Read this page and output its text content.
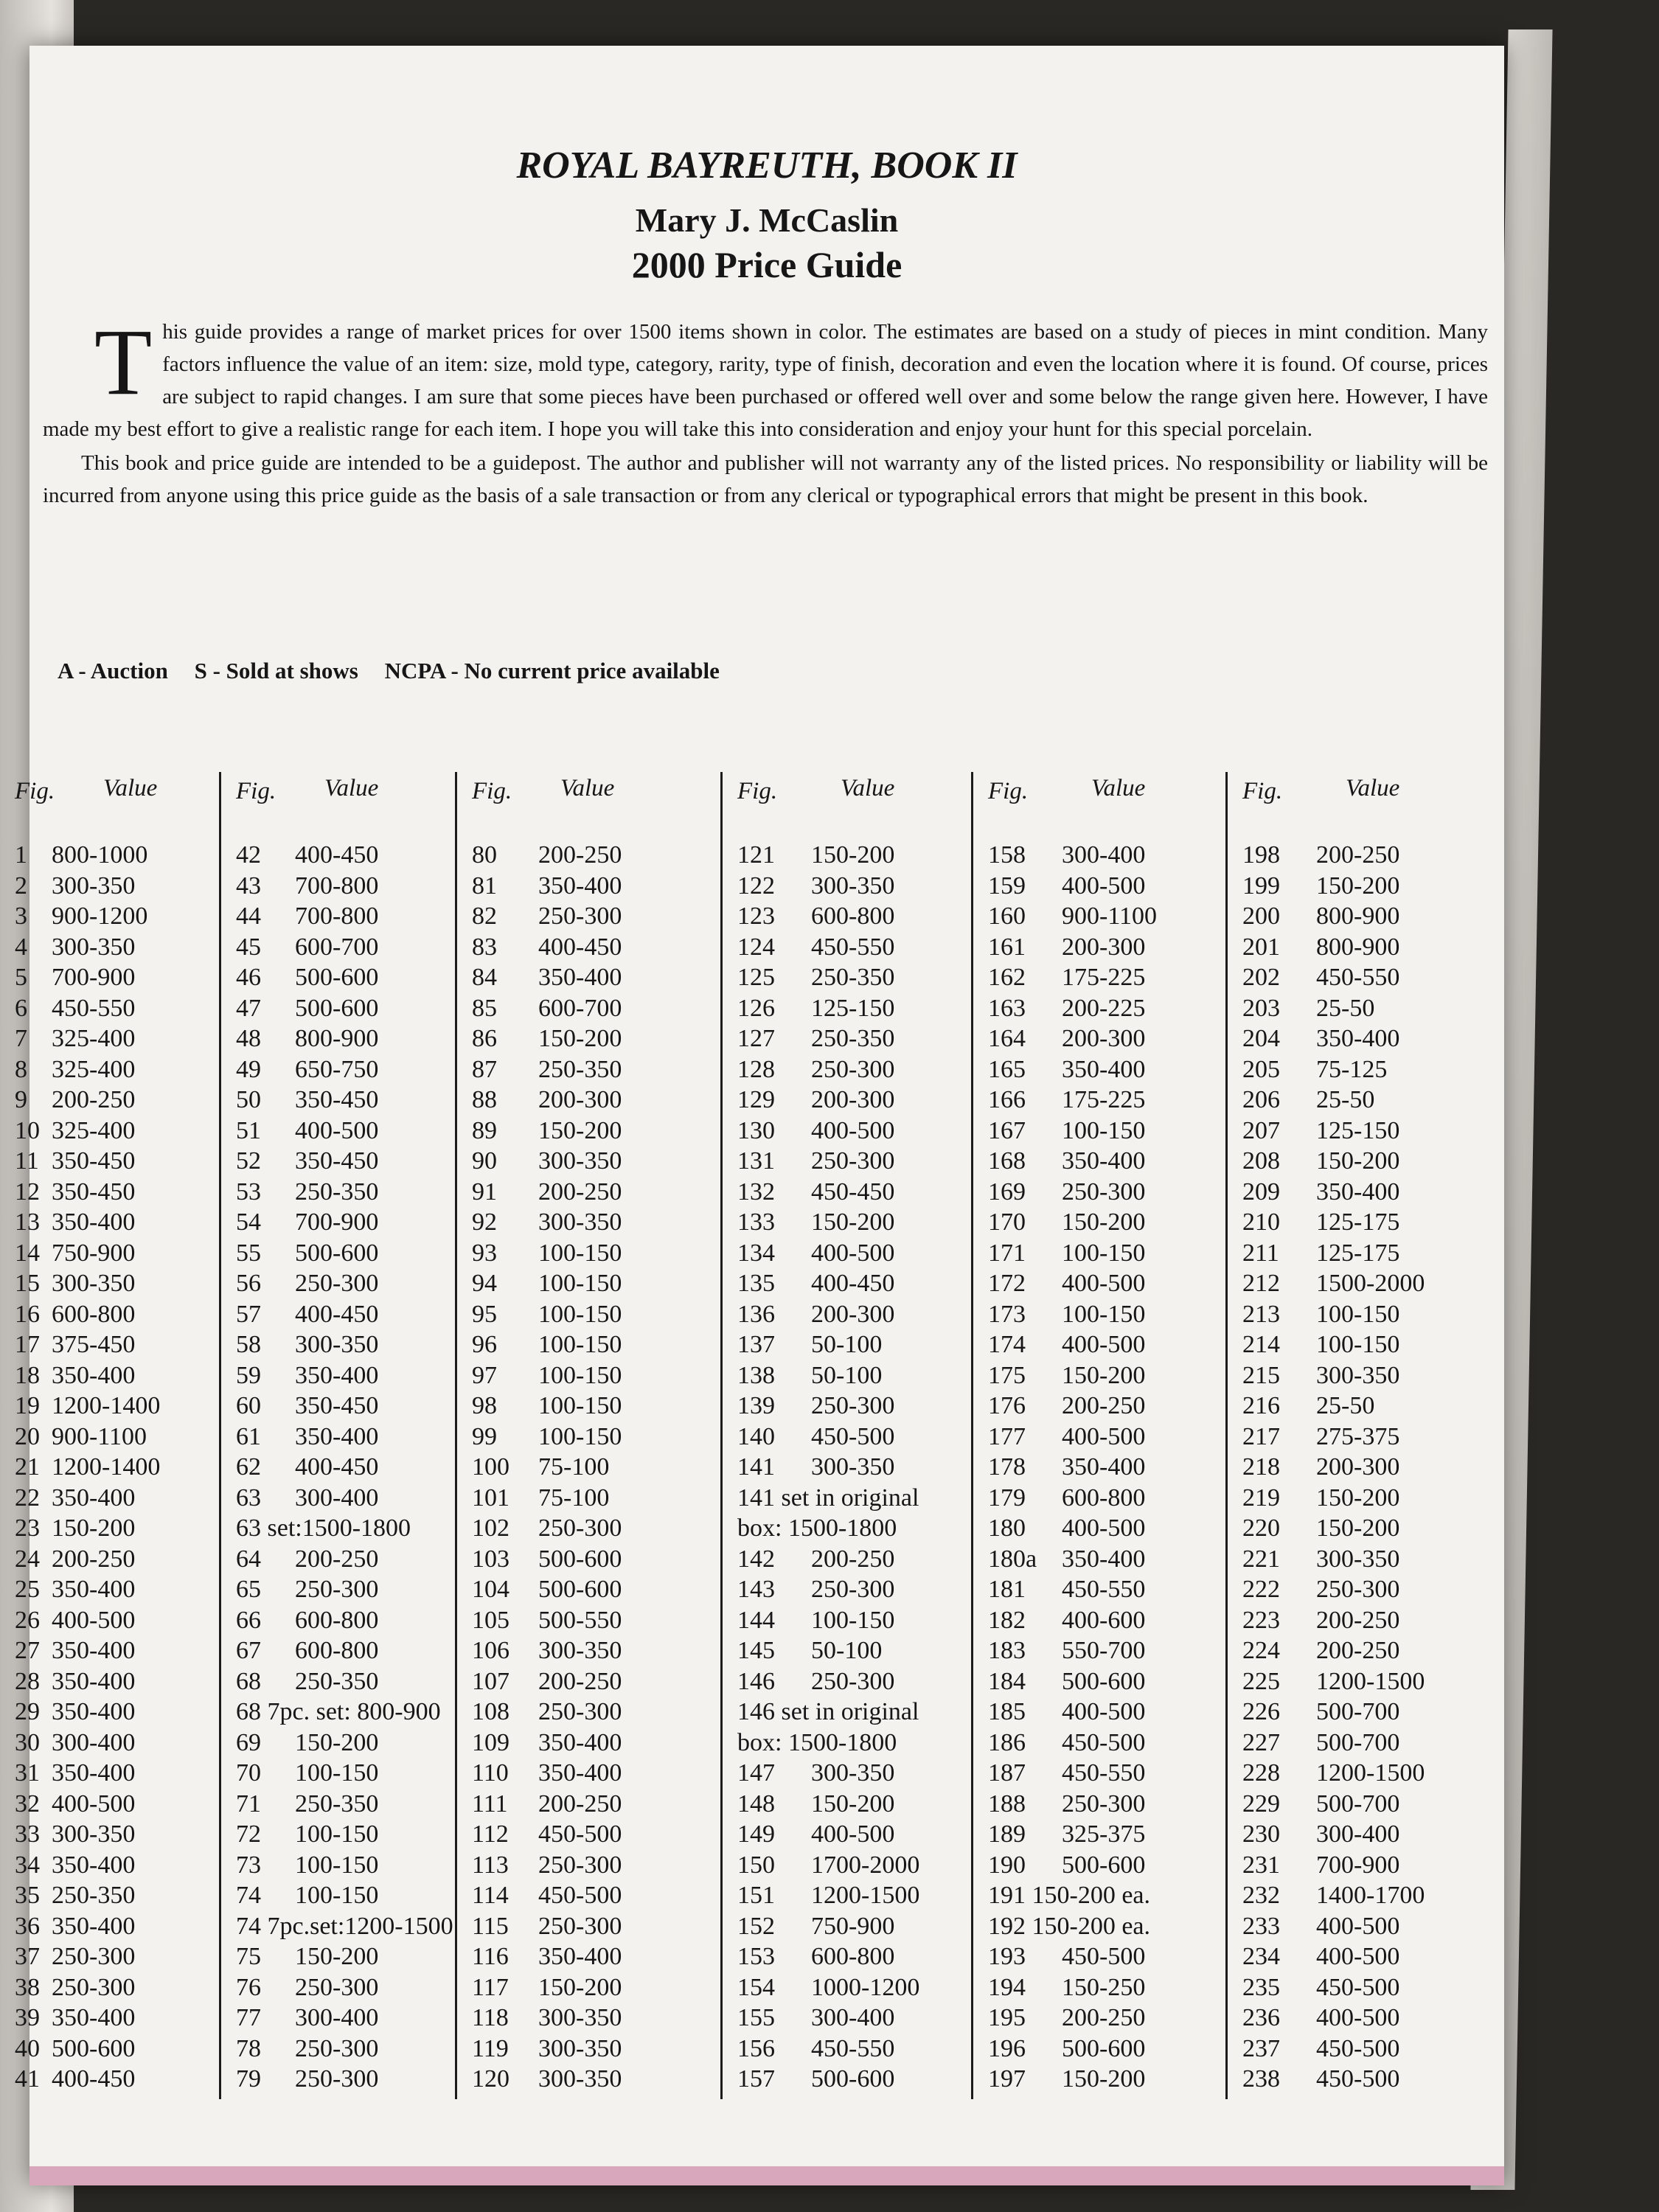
ROYAL BAYREUTH, BOOK II
Mary J. McCaslin
2000 Price Guide

This guide provides a range of market prices for over 1500 items shown in color. The estimates are based on a study of pieces in mint condition. Many factors influence the value of an item: size, mold type, category, rarity, type of finish, decoration and even the location where it is found. Of course, prices are subject to rapid changes. I am sure that some pieces have been purchased or offered well over and some below the range given here. However, I have made my best effort to give a realistic range for each item. I hope you will take this into consideration and enjoy your hunt for this special porcelain.

This book and price guide are intended to be a guidepost. The author and publisher will not warranty any of the listed prices. No responsibility or liability will be incurred from anyone using this price guide as the basis of a sale transaction or from any clerical or typographical errors that might be present in this book.

A - Auction S - Sold at shows NCPA - No current price available
Fig. Value
1 800-1000
2 300-350
3 900-1200
4 300-350
5 700-900
6 450-550
7 325-400
8 325-400
9 200-250
10 325-400
11 350-450
12 350-450
13 350-400
14 750-900
15 300-350
16 600-800
17 375-450
18 350-400
19 1200-1400
20 900-1100
21 1200-1400
22 350-400
23 150-200
24 200-250
25 350-400
26 400-500
27 350-400
28 350-400
29 350-400
30 300-400
31 350-400
32 400-500
33 300-350
34 350-400
35 250-350
36 350-400
37 250-300
38 250-300
39 350-400
40 500-600
41 400-450
Fig. Value
42 400-450
43 700-800
44 700-800
45 600-700
46 500-600
47 500-600
48 800-900
49 650-750
50 350-450
51 400-500
52 350-450
53 250-350
54 700-900
55 500-600
56 250-300
57 400-450
58 300-350
59 350-400
60 350-450
61 350-400
62 400-450
63 300-400
63 set:1500-1800
64 200-250
65 250-300
66 600-800
67 600-800
68 250-350
68 7pc. set: 800-900
69 150-200
70 100-150
71 250-350
72 100-150
73 100-150
74 100-150
74 7pc.set:1200-1500
75 150-200
76 250-300
77 300-400
78 250-300
79 250-300
Fig. Value
80 200-250
81 350-400
82 250-300
83 400-450
84 350-400
85 600-700
86 150-200
87 250-350
88 200-300
89 150-200
90 300-350
91 200-250
92 300-350
93 100-150
94 100-150
95 100-150
96 100-150
97 100-150
98 100-150
99 100-150
100 75-100
101 75-100
102 250-300
103 500-600
104 500-600
105 500-550
106 300-350
107 200-250
108 250-300
109 350-400
110 350-400
111 200-250
112 450-500
113 250-300
114 450-500
115 250-300
116 350-400
117 150-200
118 300-350
119 300-350
120 300-350
Fig.	Value
121 150-200
122 300-350
123 600-800
124 450-550
125 250-350
126 125-150
127 250-350
128 250-300
129 200-300
130 400-500
131 250-300
132 450-450
133 150-200
134 400-500
135 400-450
136 200-300
137 50-100
138 50-100
139 250-300
140 450-500
141 300-350
141 set in original
box: 1500-1800
142 200-250
143 250-300
144 100-150
145 50-100
146 250-300
146 set in original
box: 1500-1800
147 300-350
148 150-200
149 400-500
150 1700-2000
151 1200-1500
152 750-900
153 600-800
154 1000-1200
155 300-400
156 450-550
157 500-600
Fig.	Value
158 300-400
159 400-500
160 900-1100
161 200-300
162 175-225
163 200-225
164 200-300
165 350-400
166 175-225
167 100-150
168 350-400
169 250-300
170 150-200
171 100-150
172 400-500
173 100-150
174 400-500
175 150-200
176 200-250
177 400-500
178 350-400
179 600-800
180 400-500
180a 350-400
181 450-550
182 400-600
183 550-700
184 500-600
185 400-500
186 450-500
187 450-550
188 250-300
189 325-375
190 500-600
191 150-200 ea.
192 150-200 ea.
193 450-500
194 150-250
195 200-250
196 500-600
197 150-200
Fig.	Value
198 200-250
199 150-200
200 800-900
201 800-900
202 450-550
203 25-50
204 350-400
205 75-125
206 25-50
207 125-150
208 150-200
209 350-400
210 125-175
211 125-175
212 1500-2000
213 100-150
214 100-150
215 300-350
216 25-50
217 275-375
218 200-300
219 150-200
220 150-200
221 300-350
222 250-300
223 200-250
224 200-250
225 1200-1500
226 500-700
227 500-700
228 1200-1500
229 500-700
230 300-400
231 700-900
232 1400-1700
233 400-500
234 400-500
235 450-500
236 400-500
237 450-500
238 450-500
